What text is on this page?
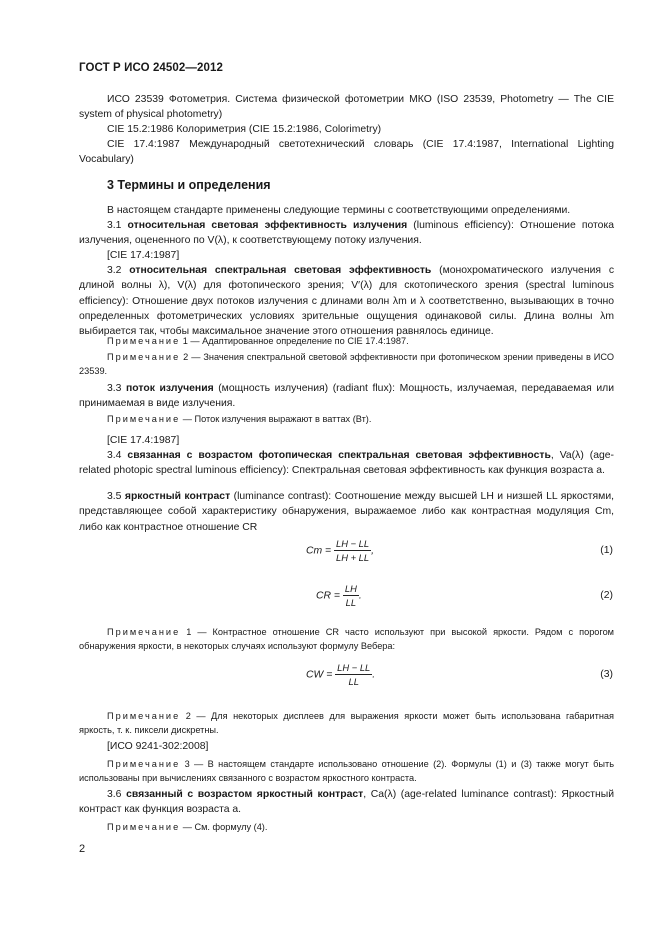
ГОСТ Р ИСО 24502—2012

ИСО 23539 Фотометрия. Система физической фотометрии МКО (ISO 23539, Photometry — The CIE system of physical photometry)

CIE 15.2:1986 Колориметрия (CIE 15.2:1986, Colorimetry)

CIE 17.4:1987 Международный светотехнический словарь (CIE 17.4:1987, International Lighting Vocabulary)

3 Термины и определения

В настоящем стандарте применены следующие термины с соответствующими определениями.

3.1 относительная световая эффективность излучения (luminous efficiency): Отношение потока излучения, оцененного по V(λ), к соответствующему потоку излучения.

[CIE 17.4:1987]

3.2 относительная спектральная световая эффективность (монохроматического излучения с длиной волны λ), V(λ) для фотопического зрения; V′(λ) для скотопического зрения (spectral luminous efficiency): Отношение двух потоков излучения с длинами волн λm и λ соответственно, вызывающих в точно определенных фотометрических условиях зрительные ощущения одинаковой силы. Длина волны λm выбирается так, чтобы максимальное значение этого отношения равнялось единице.

Примечание 1 — Адаптированное определение по CIE 17.4:1987.

Примечание 2 — Значения спектральной световой эффективности при фотопическом зрении приведены в ИСО 23539.

3.3 поток излучения (мощность излучения) (radiant flux): Мощность, излучаемая, передаваемая или принимаемая в виде излучения.

Примечание — Поток излучения выражают в ваттах (Вт).

[CIE 17.4:1987]

3.4 связанная с возрастом фотопическая спектральная световая эффективность, Va(λ) (age-related photopic spectral luminous efficiency): Спектральная световая эффективность как функция возраста a.

3.5 яркостный контраст (luminance contrast): Соотношение между высшей LH и низшей LL яркостями, представляющее собой характеристику обнаружения, выражаемое либо как контрастная модуляция Cm, либо как контрастное отношение CR

$Cm = \frac{LH - LL}{LH + LL}$ ,	(1)
CR = $\frac{LH}{LL}$ .	(2)

Примечание 1 — Контрастное отношение CR часто используют при высокой яркости. Рядом с порогом обнаружения яркости, в некоторых случаях используют формулу Вебера:

CW = $\frac{LH - LL}{LL}$ .	(3)

Примечание 2 — Для некоторых дисплеев для выражения яркости может быть использована габаритная яркость, т. к. пиксели дискретны.

[ИСО 9241-302:2008]

Примечание 3 — В настоящем стандарте использовано отношение (2). Формулы (1) и (3) также могут быть использованы при вычислениях связанного с возрастом яркостного контраста.

3.6 связанный с возрастом яркостный контраст, Ca(λ) (age-related luminance contrast): Яркостный контраст как функция возраста a.

Примечание — См. формулу (4).

2
